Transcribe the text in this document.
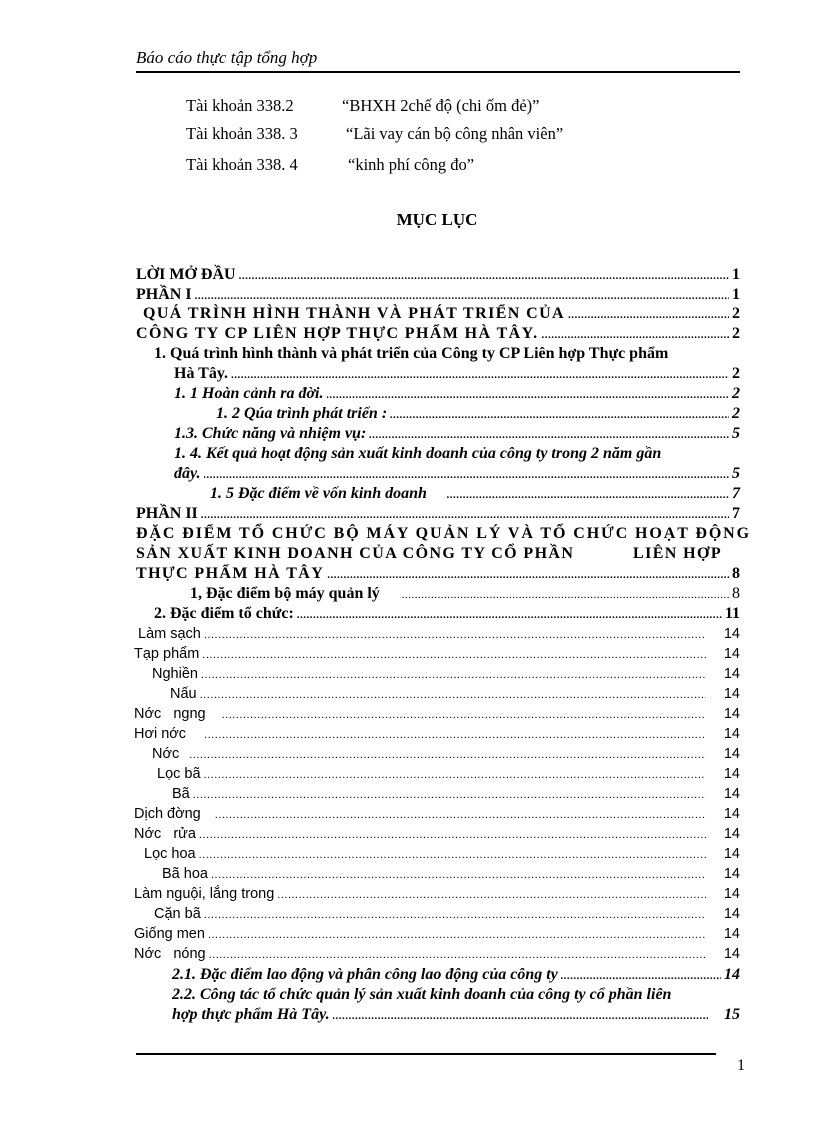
Báo cáo thực tập tổng hợp
Tài khoản 338.2	“BHXH 2chế độ (chi ốm đẻ)”
Tài khoản 338. 3	“Lãi vay cán bộ công nhân viên”
Tài khoản 338. 4	“kinh phí công đo”
MỤC LỤC
LỜI MỞ ĐẦU .....	1
PHẦN I .....	1
QUÁ TRÌNH HÌNH THÀNH VÀ PHÁT TRIỂN CỦA .....	2
CÔNG TY CP LIÊN HỢP THỰC PHẨM HÀ TÂY. .....	2
1. Quá trình hình thành và phát triển của Công ty CP Liên hợp Thực phẩm
Hà Tây. .....	2
1. 1 Hoàn cảnh ra đời. .....	2
1. 2 Qúa trình phát triển : .....	2
1.3. Chức năng và nhiệm vụ: .....	5
1. 4. Kết quả hoạt động sản xuất kinh doanh của công ty trong 2 năm gần
đây. .....	5
1. 5 Đặc điểm về vốn kinh doanh .....	7
PHẦN II .....	7
ĐẶC ĐIỂM TỔ CHỨC BỘ MÁY QUẢN LÝ VÀ TỔ CHỨC HOẠT ĐỘNG
SẢN XUẤT KINH DOANH CỦA CÔNG TY CỔ PHẦN	LIÊN HỢP
THỰC PHẨM HÀ TÂY .....	8
1, Đặc điểm bộ máy quản lý .....	8
2. Đặc điểm tổ chức: .....	11
Làm sạch .....	14
Tạp phẩm .....	14
Nghiền .....	14
Nấu .....	14
Nớc   ngng .....	14
Hơi nớc .....	14
Nớc .....	14
Lọc bã .....	14
Bã .....	14
Dịch đờng .....	14
Nớc   rửa .....	14
Lọc hoa .....	14
Bã hoa .....	14
Làm nguội, lắng trong .....	14
Cặn bã .....	14
Giống men .....	14
Nớc   nóng .....	14
2.1. Đặc điểm lao động và phân công lao động của công ty .....	14
2.2. Công tác tổ chức quản lý sản xuất kinh doanh của công ty cổ phần liên
hợp thực phẩm Hà Tây. .....	15
1
